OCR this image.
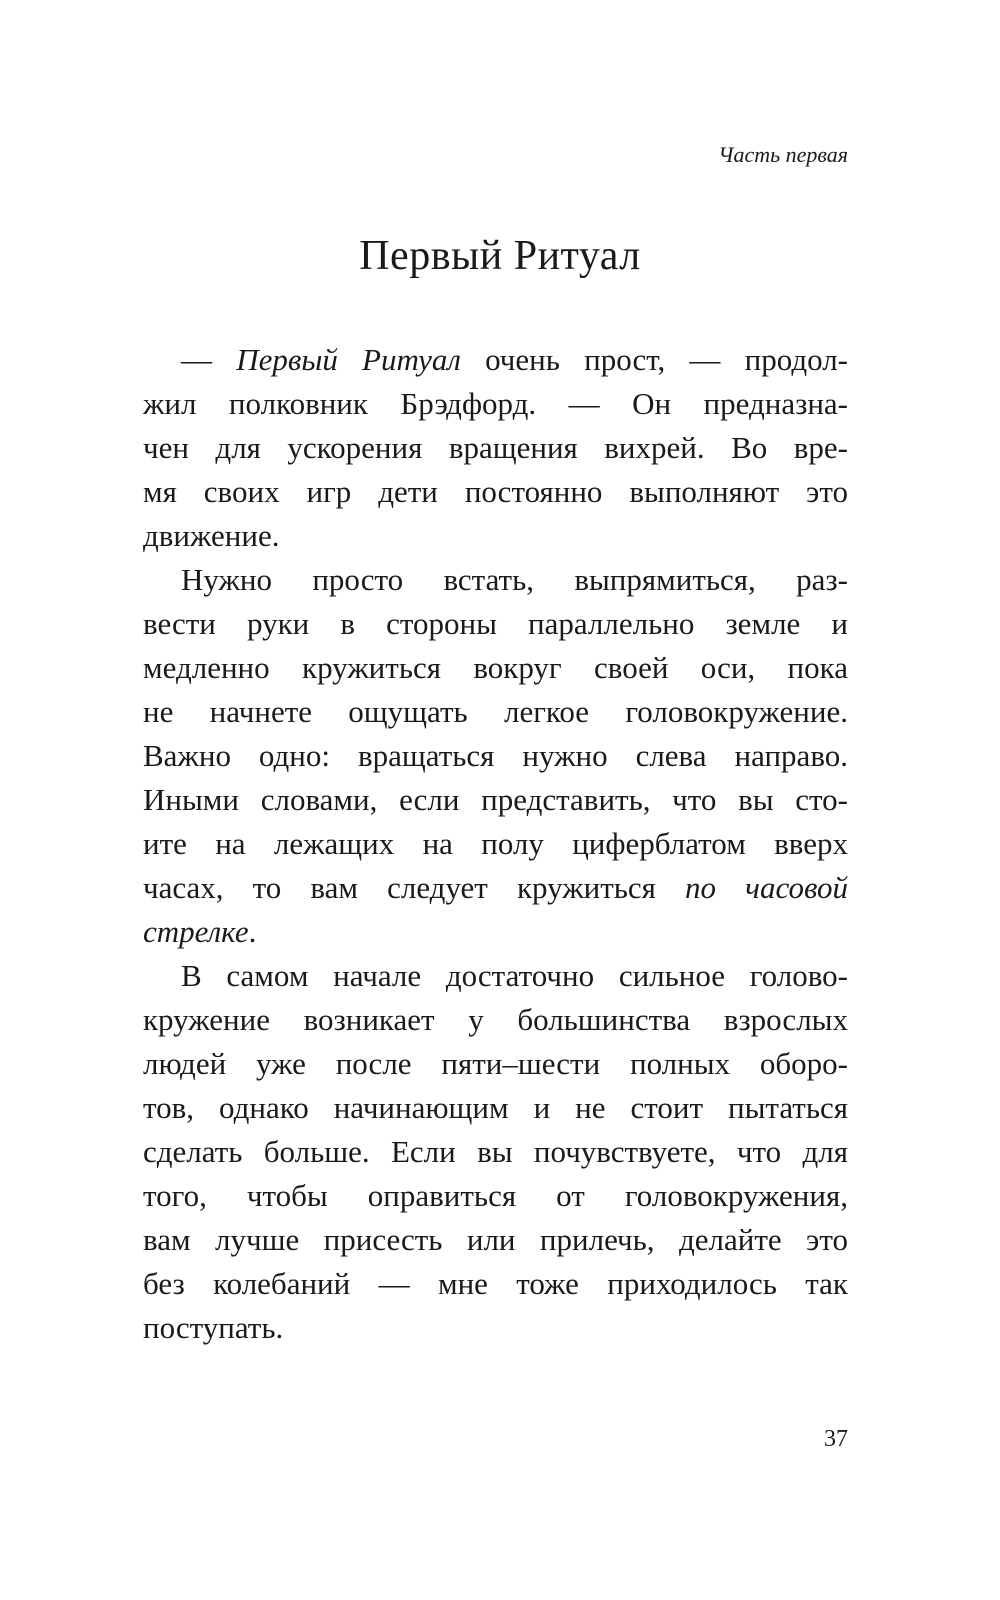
Часть первая
Первый Ритуал
— Первый Ритуал очень прост, — продол-
жил полковник Брэдфорд. — Он предназна-
чен для ускорения вращения вихрей. Во вре-
мя своих игр дети постоянно выполняют это
движение.
Нужно просто встать, выпрямиться, раз-
вести руки в стороны параллельно земле и
медленно кружиться вокруг своей оси, пока
не начнете ощущать легкое головокружение.
Важно одно: вращаться нужно слева направо.
Иными словами, если представить, что вы сто-
ите на лежащих на полу циферблатом вверх
часах, то вам следует кружиться по часовой
стрелке.
В самом начале достаточно сильное голово-
кружение возникает у большинства взрослых
людей уже после пяти–шести полных оборо-
тов, однако начинающим и не стоит пытаться
сделать больше. Если вы почувствуете, что для
того, чтобы оправиться от головокружения,
вам лучше присесть или прилечь, делайте это
без колебаний — мне тоже приходилось так
поступать.
37
